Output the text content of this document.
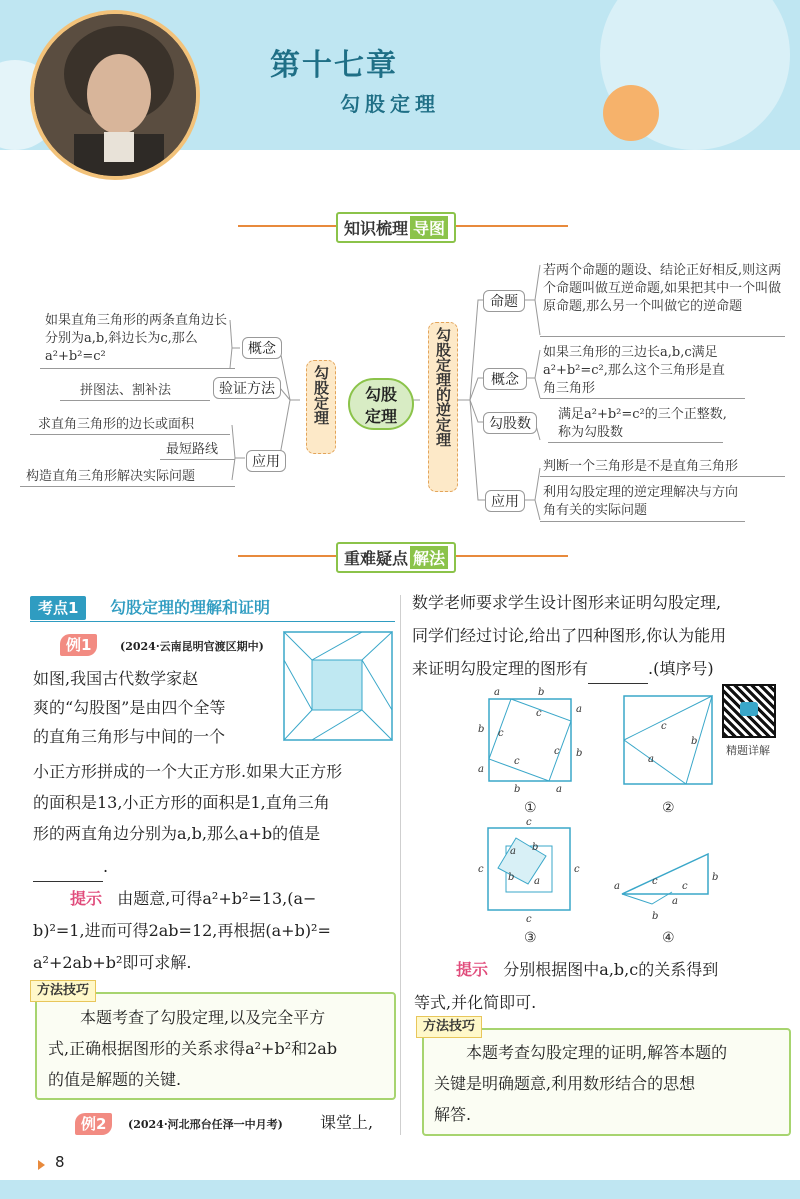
第十七章
勾股定理
知识梳理 导图
如果直角三角形的两条直角边长分别为a,b,斜边长为c,那么a²+b²=c²	概念
拼图法、割补法	验证方法
求直角三角形的边长或面积
最短路线
构造直角三角形解决实际问题
应用
勾股定理	勾股定理	勾股定理的逆定理
命题
若两个命题的题设、结论正好相反,则这两个命题叫做互逆命题,如果把其中一个叫做原命题,那么另一个叫做它的逆命题
概念
如果三角形的三边长a,b,c满足a²+b²=c²,那么这个三角形是直角三角形
勾股数
满足a²+b²=c²的三个正整数,称为勾股数
应用
判断一个三角形是不是直角三角形
利用勾股定理的逆定理解决与方向角有关的实际问题
重难疑点 解法
考点1	勾股定理的理解和证明
例1	(2024·云南昆明官渡区期中)
如图,我国古代数学家赵
爽的“勾股图”是由四个全等
的直角三角形与中间的一个
小正方形拼成的一个大正方形.如果大正方形
的面积是13,小正方形的面积是1,直角三角
形的两直角边分别为a,b,那么a+b的值是
.
提示 由题意,可得a²+b²=13,(a−
b)²=1,进而可得2ab=12,再根据(a+b)²=
a²+2ab+b²即可求解.
方法技巧
本题考查了勾股定理,以及完全平方
式,正确根据图形的关系求得a²+b²和2ab
的值是解题的关键.
例2	(2024·河北邢台任泽一中月考) 课堂上,
数学老师要求学生设计图形来证明勾股定理,
同学们经过讨论,给出了四种图形,你认为能用
来证明勾股定理的图形有	.(填序号)
a	b
a
b
a
b
a
b
c
c
c
c
①
c
b
a
②
精题详解
c
c	c
c
a b
b a
③
a
b
c c
b
a
④
提示 分别根据图中a,b,c的关系得到
等式,并化简即可.
方法技巧
本题考查勾股定理的证明,解答本题的
关键是明确题意,利用数形结合的思想
解答.
8
